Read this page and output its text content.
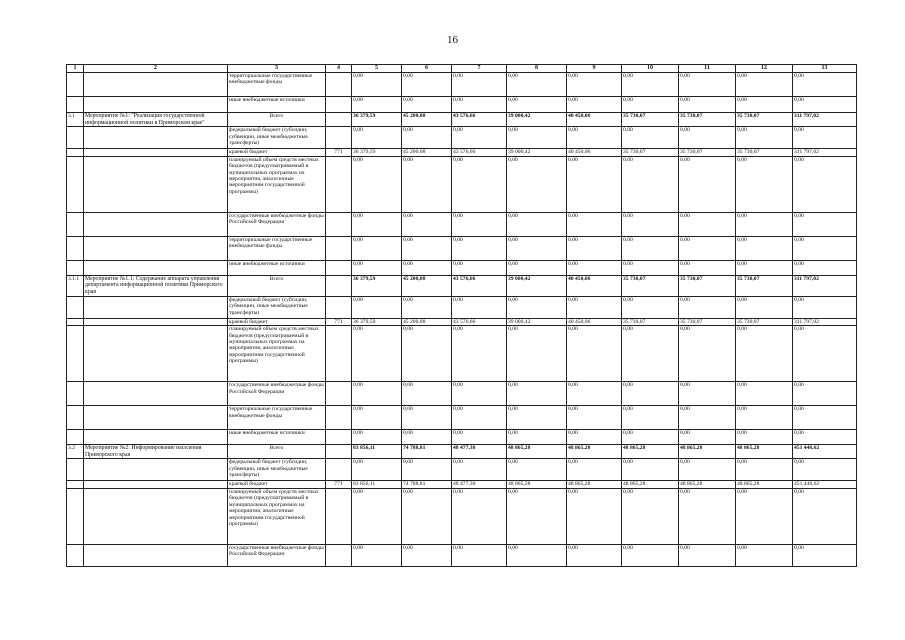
16
1	2	3	4	5	6	7	8	9	10	11	12	13
		территориальные государственные внебюджетные фонды		0,00	0,00	0,00	0,00	0,00	0,00	0,00	0,00	0,00
		иные внебюджетные источники		0,00	0,00	0,00	0,00	0,00	0,00	0,00	0,00	0,00
3.1	Мероприятие №1: "Реализация государственной информационной политики в Приморском крае"	Всего		36 379,59	45 200,08	43 576,66	39 000,42	40 450,06	35 730,07	35 730,07	35 730,07	311 797,02
		федеральный бюджет (субсидии, субвенции, иные межбюджетные трансферты)		0,00	0,00	0,00	0,00	0,00	0,00	0,00	0,00	0,00
		краевой бюджет	771	36 379,59	45 200,08	43 576,66	39 000,42	40 450,06	35 730,07	35 730,07	35 730,07	311 797,02
		планируемый объем средств местных бюджетов (предусматриваемый в муниципальных программах на мероприятия, аналогичные мероприятиям государственной программы)		0,00	0,00	0,00	0,00	0,00	0,00	0,00	0,00	0,00
		государственные внебюджетные фонды Российской Федерации		0,00	0,00	0,00	0,00	0,00	0,00	0,00	0,00	0,00
		территориальные государственные внебюджетные фонды		0,00	0,00	0,00	0,00	0,00	0,00	0,00	0,00	0,00
		иные внебюджетные источники		0,00	0,00	0,00	0,00	0,00	0,00	0,00	0,00	0,00
3.1.1	Мероприятие №1.1: Содержание аппарата управления департамента информационной политики Приморского края	Всего		36 379,59	45 200,08	43 576,66	39 000,42	40 450,06	35 730,07	35 730,07	35 730,07	311 797,02
		федеральный бюджет (субсидии, субвенции, иные межбюджетные трансферты)		0,00	0,00	0,00	0,00	0,00	0,00	0,00	0,00	0,00
		краевой бюджет	771	36 379,59	45 200,08	43 576,66	39 000,42	40 450,06	35 730,07	35 730,07	35 730,07	311 797,02
		планируемый объем средств местных бюджетов (предусматриваемый в муниципальных программах на мероприятия, аналогичные мероприятиям государственной программы)		0,00	0,00	0,00	0,00	0,00	0,00	0,00	0,00	0,00
		государственные внебюджетные фонды Российской Федерации		0,00	0,00	0,00	0,00	0,00	0,00	0,00	0,00	0,00
		территориальные государственные внебюджетные фонды		0,00	0,00	0,00	0,00	0,00	0,00	0,00	0,00	0,00
		иные внебюджетные источники		0,00	0,00	0,00	0,00	0,00	0,00	0,00	0,00	0,00
3.2	Мероприятие №2: Информирование населения Приморского края	Всего		83 856,11	74 788,81	48 477,30	48 865,28	48 865,28	48 865,28	48 865,28	48 865,28	451 448,62
		федеральный бюджет (субсидии, субвенции, иные межбюджетные трансферты)		0,00	0,00	0,00	0,00	0,00	0,00	0,00	0,00	0,00
		краевой бюджет	771	83 856,11	74 788,81	48 477,30	48 865,28	48 865,28	48 865,28	48 865,28	48 865,28	451 448,62
		планируемый объем средств местных бюджетов (предусматриваемый в муниципальных программах на мероприятия, аналогичные мероприятиям государственной программы)		0,00	0,00	0,00	0,00	0,00	0,00	0,00	0,00	0,00
		государственные внебюджетные фонды Российской Федерации		0,00	0,00	0,00	0,00	0,00	0,00	0,00	0,00	0,00
